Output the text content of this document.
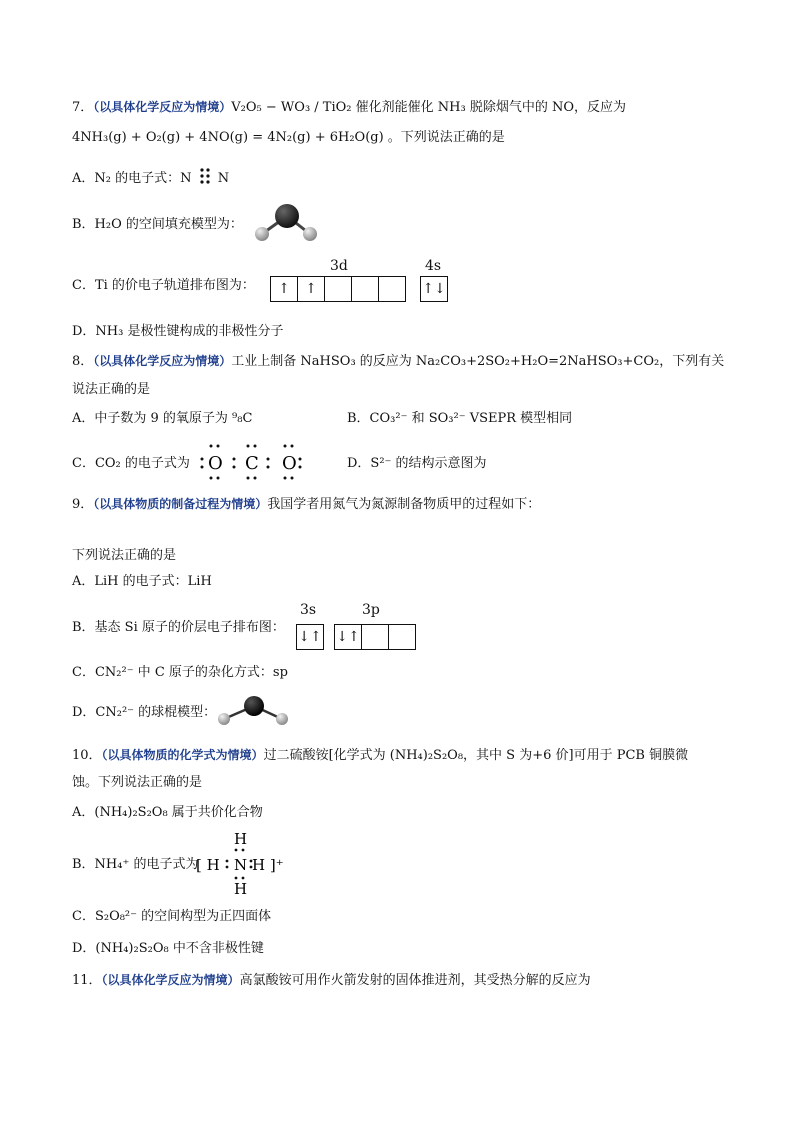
7．（以具体化学反应为情境）V₂O₅ − WO₃ / TiO₂ 催化剂能催化 NH₃ 脱除烟气中的 NO，反应为
4NH₃(g) + O₂(g) + 4NO(g) = 4N₂(g) + 6H₂O(g) 。下列说法正确的是
A．N₂ 的电子式：N N
B．H₂O 的空间填充模型为：
C．Ti 的价电子轨道排布图为：
3d	4s
↑	↑	↑↓
D．NH₃ 是极性键构成的非极性分子
8．（以具体化学反应为情境）工业上制备 NaHSO₃ 的反应为 Na₂CO₃+2SO₂+H₂O=2NaHSO₃+CO₂，下列有关
说法正确的是
A．中子数为 9 的氧原子为 ⁹₈C	B．CO₃²⁻ 和 SO₃²⁻ VSEPR 模型相同
C．CO₂ 的电子式为 O C O	D．S²⁻ 的结构示意图为
9．（以具体物质的制备过程为情境）我国学者用氮气为氮源制备物质甲的过程如下：
下列说法正确的是
A．LiH 的电子式：LiH
B．基态 Si 原子的价层电子排布图：
3s	3p
↓↑ ↓↑
C．CN₂²⁻ 中 C 原子的杂化方式：sp
D．CN₂²⁻ 的球棍模型：
10．（以具体物质的化学式为情境）过二硫酸铵[化学式为 (NH₄)₂S₂O₈，其中 S 为+6 价]可用于 PCB 铜膜微
蚀。下列说法正确的是
A．(NH₄)₂S₂O₈ 属于共价化合物
B．NH₄⁺ 的电子式为
H
[ H N H ]⁺
H
C．S₂O₈²⁻ 的空间构型为正四面体
D．(NH₄)₂S₂O₈ 中不含非极性键
11．（以具体化学反应为情境）高氯酸铵可用作火箭发射的固体推进剂，其受热分解的反应为
